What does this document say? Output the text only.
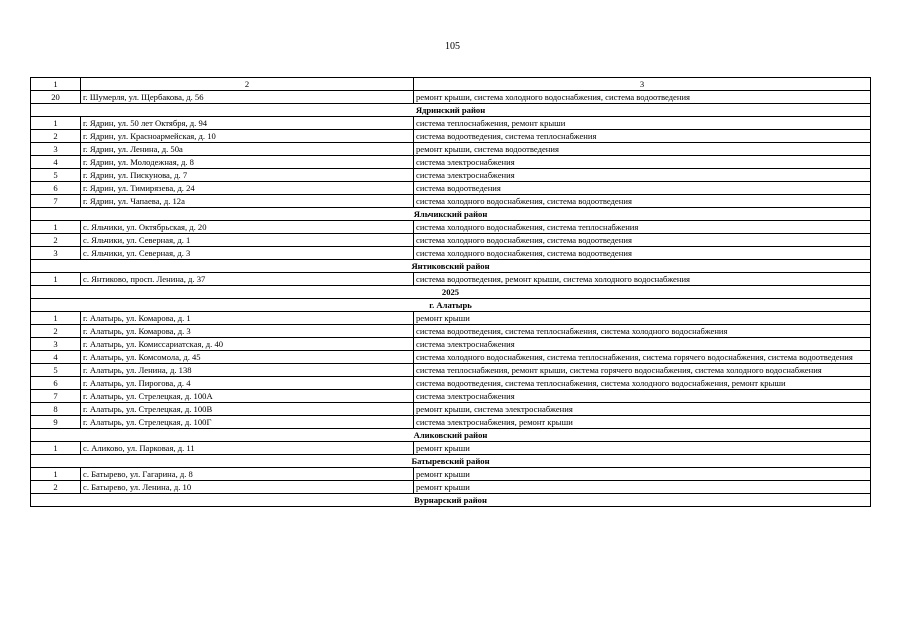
105
1	2	3
20	г. Шумерля, ул. Щербакова, д. 56	ремонт крыши, система холодного водоснабжения, система водоотведения
Ядринский район		
1	г. Ядрин, ул. 50 лет Октября, д. 94	система теплоснабжения, ремонт крыши
2	г. Ядрин, ул. Красноармейская, д. 10	система водоотведения, система теплоснабжения
3	г. Ядрин, ул. Ленина, д. 50а	ремонт крыши, система водоотведения
4	г. Ядрин, ул. Молодежная, д. 8	система электроснабжения
5	г. Ядрин, ул. Пискунова, д. 7	система электроснабжения
6	г. Ядрин, ул. Тимирязева, д. 24	система водоотведения
7	г. Ядрин, ул. Чапаева, д. 12а	система холодного водоснабжения, система водоотведения
Яльчикский район		
1	с. Яльчики, ул. Октябрьская, д. 20	система холодного водоснабжения, система теплоснабжения
2	с. Яльчики, ул. Северная, д. 1	система холодного водоснабжения, система водоотведения
3	с. Яльчики, ул. Северная, д. 3	система холодного водоснабжения, система водоотведения
Янтиковский район		
1	с. Янтиково, просп. Ленина, д. 37	система водоотведения, ремонт крыши, система холодного водоснабжения
2025		
г. Алатырь		
1	г. Алатырь, ул. Комарова, д. 1	ремонт крыши
2	г. Алатырь, ул. Комарова, д. 3	система водоотведения, система теплоснабжения, система холодного водоснабжения
3	г. Алатырь, ул. Комиссариатская, д. 40	система электроснабжения
4	г. Алатырь, ул. Комсомола, д. 45	система холодного водоснабжения, система теплоснабжения, система горячего водоснабжения, система водоотведения
5	г. Алатырь, ул. Ленина, д. 138	система теплоснабжения, ремонт крыши, система горячего водоснабжения, система холодного водоснабжения
6	г. Алатырь, ул. Пирогова, д. 4	система водоотведения, система теплоснабжения, система холодного водоснабжения, ремонт крыши
7	г. Алатырь, ул. Стрелецкая, д. 100А	система электроснабжения
8	г. Алатырь, ул. Стрелецкая, д. 100В	ремонт крыши, система электроснабжения
9	г. Алатырь, ул. Стрелецкая, д. 100Г	система электроснабжения, ремонт крыши
Аликовский район		
1	с. Аликово, ул. Парковая, д. 11	ремонт крыши
Батыревский район		
1	с. Батырево, ул. Гагарина, д. 8	ремонт крыши
2	с. Батырево, ул. Ленина, д. 10	ремонт крыши
Вурнарский район		
